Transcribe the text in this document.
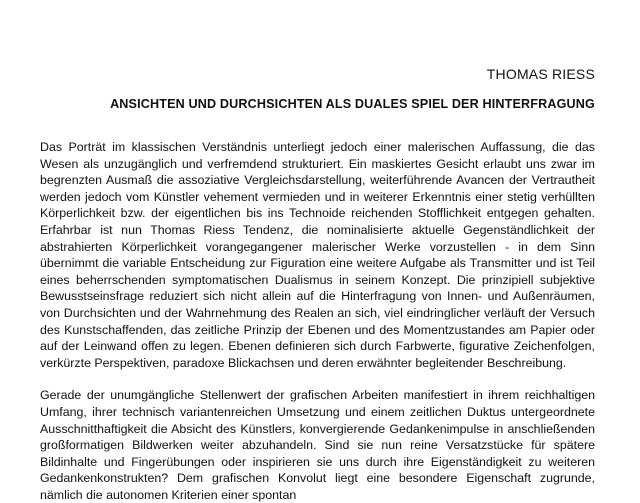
THOMAS RIESS
ANSICHTEN UND DURCHSICHTEN ALS DUALES SPIEL DER HINTERFRAGUNG

Das Porträt im klassischen Verständnis unterliegt jedoch einer malerischen Auffassung, die das Wesen als unzugänglich und verfremdend strukturiert. Ein maskiertes Gesicht erlaubt uns zwar im begrenzten Ausmaß die assoziative Vergleichsdarstellung, weiterführende Avancen der Vertrautheit werden jedoch vom Künstler vehement vermieden und in weiterer Erkenntnis einer stetig verhüllten Körperlichkeit bzw. der eigentlichen bis ins Technoide reichenden Stofflichkeit entgegen gehalten. Erfahrbar ist nun Thomas Riess Tendenz, die nominalisierte aktuelle Gegenständlichkeit der abstrahierten Körperlichkeit vorangegangener malerischer Werke vorzustellen - in dem Sinn übernimmt die variable Entscheidung zur Figuration eine weitere Aufgabe als Transmitter und ist Teil eines beherrschenden symptomatischen Dualismus in seinem Konzept. Die prinzipiell subjektive Bewusstseinsfrage reduziert sich nicht allein auf die Hinterfragung von Innen- und Außenräumen, von Durchsichten und der Wahrnehmung des Realen an sich, viel eindringlicher verläuft der Versuch des Kunstschaffenden, das zeitliche Prinzip der Ebenen und des Momentzustandes am Papier oder auf der Leinwand offen zu legen. Ebenen definieren sich durch Farbwerte, figurative Zeichenfolgen, verkürzte Perspektiven, paradoxe Blickachsen und deren erwähnter begleitender Beschreibung.

Gerade der unumgängliche Stellenwert der grafischen Arbeiten manifestiert in ihrem reichhaltigen Umfang, ihrer technisch variantenreichen Umsetzung und einem zeitlichen Duktus untergeordnete Ausschnitthaftigkeit die Absicht des Künstlers, konvergierende Gedankenimpulse in anschließenden großformatigen Bildwerken weiter abzuhandeln. Sind sie nun reine Versatzstücke für spätere Bildinhalte und Fingerübungen oder inspirieren sie uns durch ihre Eigenständigkeit zu weiteren Gedankenkonstrukten? Dem grafischen Konvolut liegt eine besondere Eigenschaft zugrunde, nämlich die autonomen Kriterien einer spontan
